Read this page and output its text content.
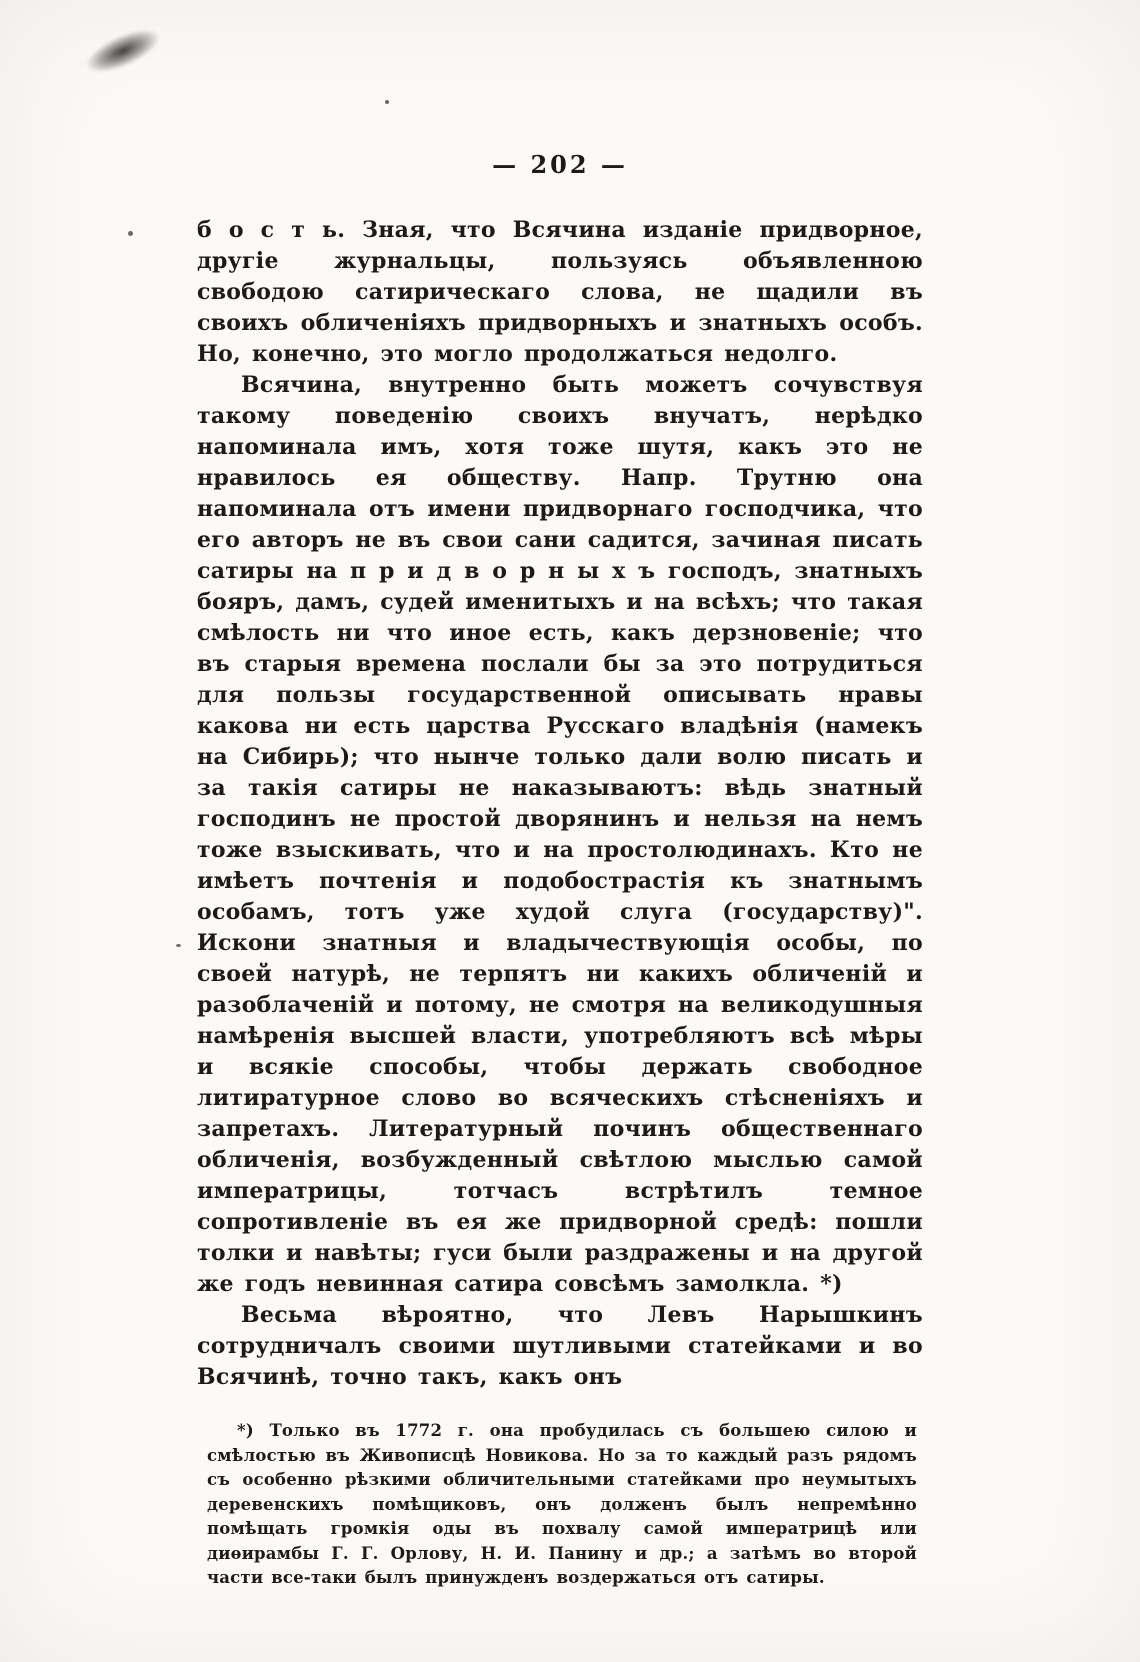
— 202 —

б о с т ь. Зная, что Всячина изданіе придворное, другіе журнальцы, пользуясь объявленною свободою сатирическаго слова, не щадили въ своихъ обличеніяхъ придворныхъ и знатныхъ особъ. Но, конечно, это могло продолжаться недолго.

Всячина, внутренно быть можетъ сочувствуя такому поведенію своихъ внучатъ, нерѣдко напоминала имъ, хотя тоже шутя, какъ это не нравилось ея обществу. Напр. Трутню она напоминала отъ имени придворнаго господчика, что его авторъ не въ свои сани садится, зачиная писать сатиры на п р и д в о р н ы х ъ господъ, знатныхъ бояръ, дамъ, судей именитыхъ и на всѣхъ; что такая смѣлость ни что иное есть, какъ дерзновеніе; что въ старыя времена послали бы за это потрудиться для пользы государственной описывать нравы какова ни есть царства Русскаго владѣнія (намекъ на Сибирь); что нынче только дали волю писать и за такія сатиры не наказываютъ: вѣдь знатный господинъ не простой дворянинъ и нельзя на немъ тоже взыскивать, что и на простолюдинахъ. Кто не имѣетъ почтенія и подобострастія къ знатнымъ особамъ, тотъ уже худой слуга (государству)". Искони знатныя и владычествующія особы, по своей натурѣ, не терпятъ ни какихъ обличеній и разоблаченій и потому, не смотря на великодушныя намѣренія высшей власти, употребляютъ всѣ мѣры и всякіе способы, чтобы держать свободное литиратурное слово во всяческихъ стѣсненіяхъ и запретахъ. Литературный починъ общественнаго обличенія, возбужденный свѣтлою мыслью самой императрицы, тотчасъ встрѣтилъ темное сопротивленіе въ ея же придворной средѣ: пошли толки и навѣты; гуси были раздражены и на другой же годъ невинная сатира совсѣмъ замолкла. *)

Весьма вѣроятно, что Левъ Нарышкинъ сотрудничалъ своими шутливыми статейками и во Всячинѣ, точно такъ, какъ онъ

*) Только въ 1772 г. она пробудилась съ большею силою и смѣлостью въ Живописцѣ Новикова. Но за то каждый разъ рядомъ съ особенно рѣзкими обличительными статейками про неумытыхъ деревенскихъ помѣщиковъ, онъ долженъ былъ непремѣнно помѣщать громкія оды въ похвалу самой императрицѣ или диѳирамбы Г. Г. Орлову, Н. И. Панину и др.; а затѣмъ во второй части все-таки былъ принужденъ воздержаться отъ сатиры.
